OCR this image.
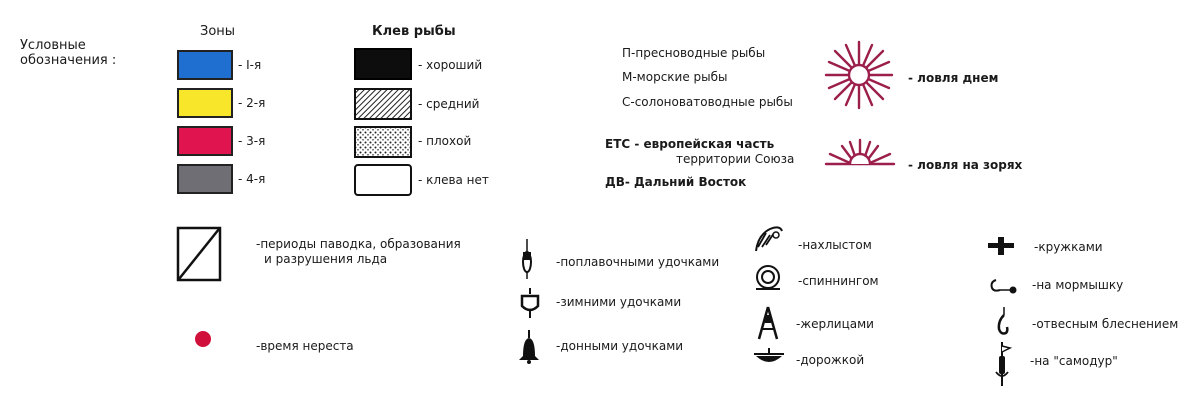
Условные
обозначения :
Зоны
- I-я
- 2-я
- 3-я
- 4-я
Клев рыбы
- хороший
- средний
- плохой
- клева нет
П-пресноводные рыбы
М-морские рыбы
С-солоноватоводные рыбы
ЕТС - европейская часть
территории Союза
ДВ- Дальний Восток
- ловля днем
- ловля на зорях
-периоды паводка, образования
и разрушения льда
-время нереста
-поплавочными удочками
-зимними удочками
-донными удочками
-нахлыстом
-спиннингом
-жерлицами
-дорожкой
-кружками
-на мормышку
-отвесным блеснением
-на "самодур"
